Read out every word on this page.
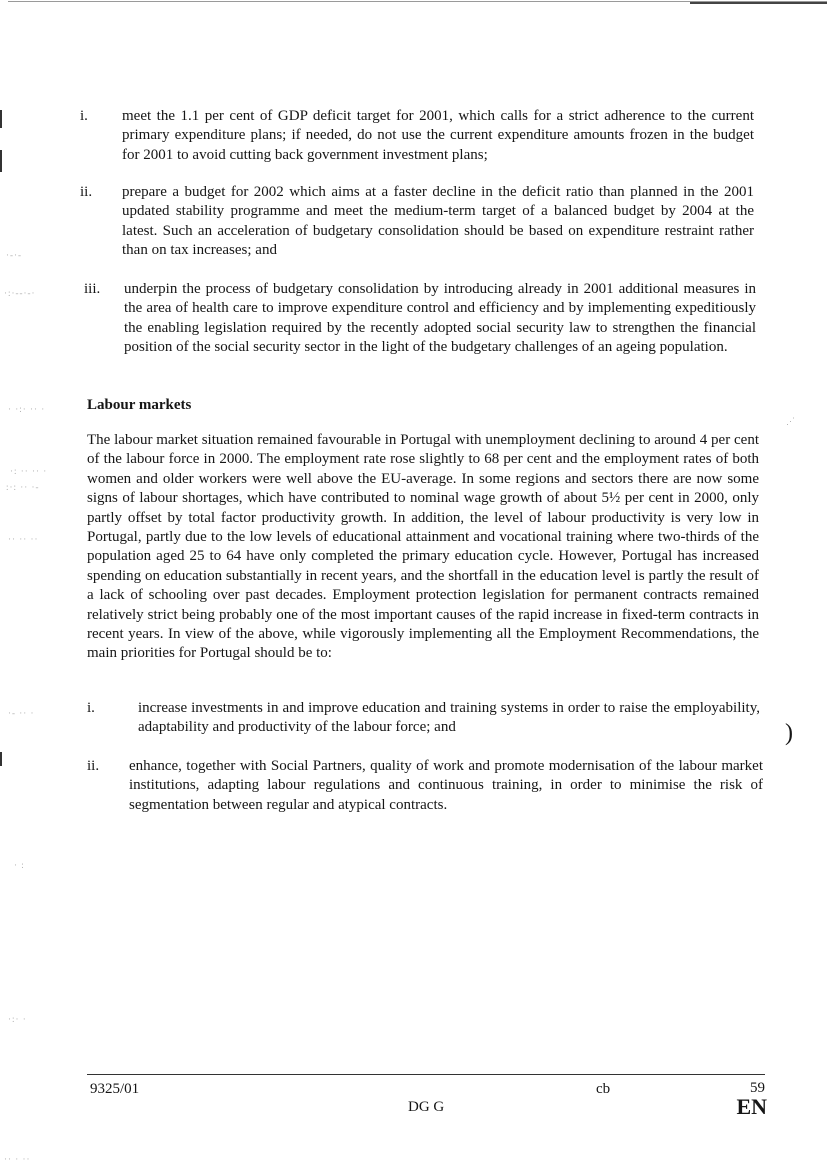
·-·-
·:·--·-·
· ·:· ·· ·
·: ·· ·· ·
:·: ·· ·-
·· ·· ··
·- ·· ·
· :
·:· ·
·· · ··
⋰
)
i. meet the 1.1 per cent of GDP deficit target for 2001, which calls for a strict adherence to the current primary expenditure plans; if needed, do not use the current expenditure amounts frozen in the budget for 2001 to avoid cutting back government investment plans;
ii. prepare a budget for 2002 which aims at a faster decline in the deficit ratio than planned in the 2001 updated stability programme and meet the medium-term target of a balanced budget by 2004 at the latest. Such an acceleration of budgetary consolidation should be based on expenditure restraint rather than on tax increases; and
iii. underpin the process of budgetary consolidation by introducing already in 2001 additional measures in the area of health care to improve expenditure control and efficiency and by implementing expeditiously the enabling legislation required by the recently adopted social security law to strengthen the financial position of the social security sector in the light of the budgetary challenges of an ageing population.
Labour markets
The labour market situation remained favourable in Portugal with unemployment declining to around 4 per cent of the labour force in 2000. The employment rate rose slightly to 68 per cent and the employment rates of both women and older workers were well above the EU-average. In some regions and sectors there are now some signs of labour shortages, which have contributed to nominal wage growth of about 5½ per cent in 2000, only partly offset by total factor productivity growth. In addition, the level of labour productivity is very low in Portugal, partly due to the low levels of educational attainment and vocational training where two-thirds of the population aged 25 to 64 have only completed the primary education cycle. However, Portugal has increased spending on education substantially in recent years, and the shortfall in the education level is partly the result of a lack of schooling over past decades. Employment protection legislation for permanent contracts remained relatively strict being probably one of the most important causes of the rapid increase in fixed-term contracts in recent years. In view of the above, while vigorously implementing all the Employment Recommendations, the main priorities for Portugal should be to:
i.	increase investments in and improve education and training systems in order to raise the employability, adaptability and productivity of the labour force; and
ii. enhance, together with Social Partners, quality of work and promote modernisation of the labour market institutions, adapting labour regulations and continuous training, in order to minimise the risk of segmentation between regular and atypical contracts.
9325/01	cb	59
DG G	EN
